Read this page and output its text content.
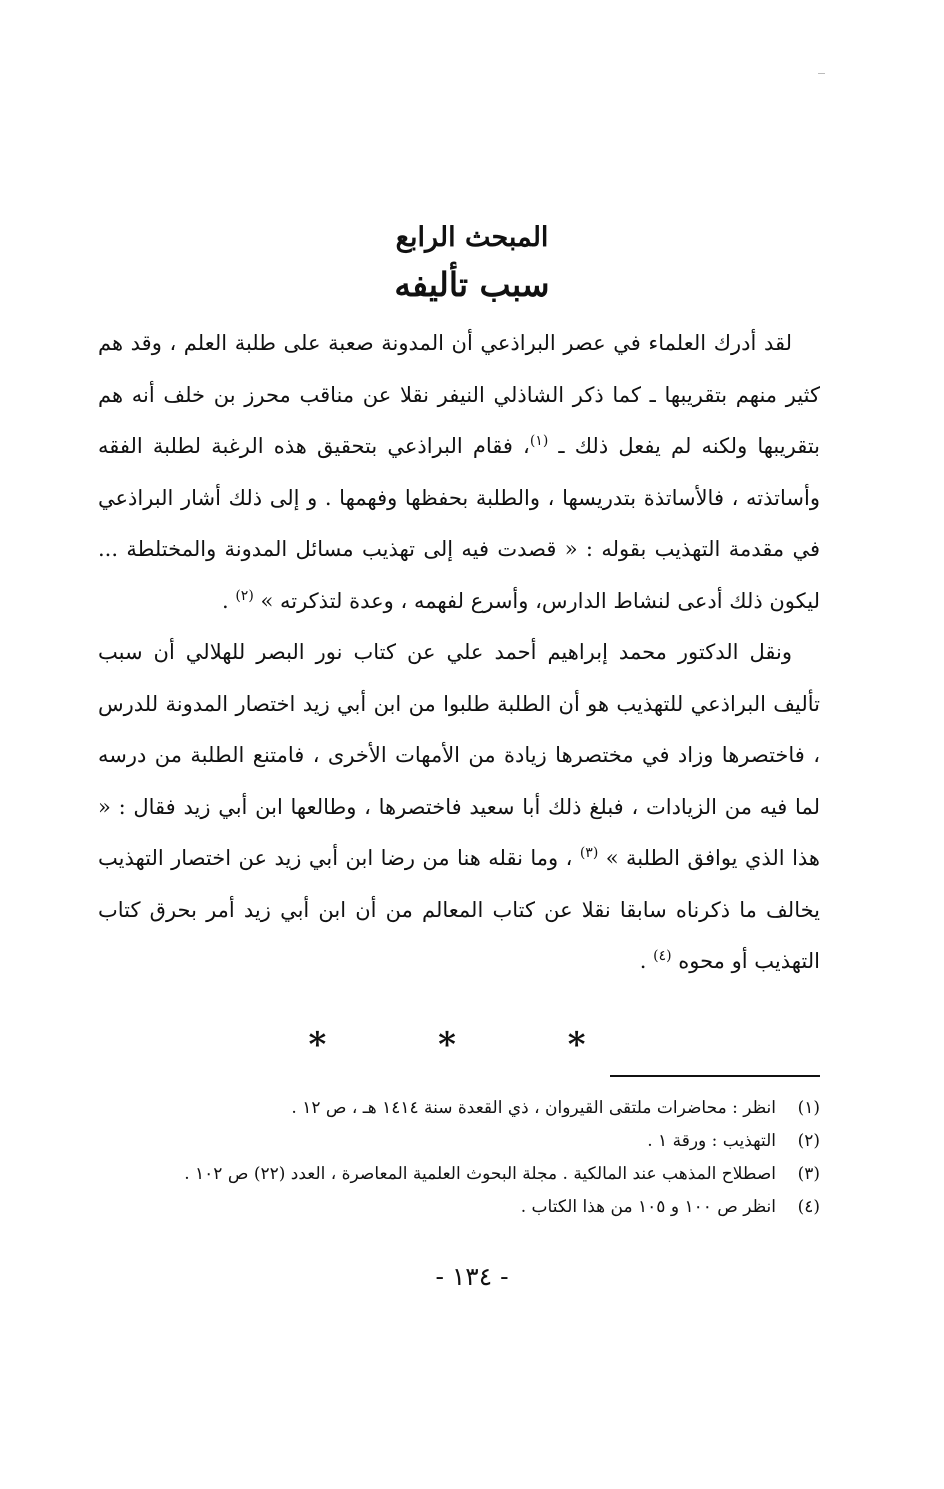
المبحث الرابع
سبب تأليفه

لقد أدرك العلماء في عصر البراذعي أن المدونة صعبة على طلبة العلم ، وقد هم كثير منهم بتقريبها ـ كما ذكر الشاذلي النيفر نقلا عن مناقب محرز بن خلف أنه هم بتقريبها ولكنه لم يفعل ذلك ـ $^{(١)}$، فقام البراذعي بتحقيق هذه الرغبة لطلبة الفقه وأساتذته ، فالأساتذة بتدريسها ، والطلبة بحفظها وفهمها . و إلى ذلك أشار البراذعي في مقدمة التهذيب بقوله : « قصدت فيه إلى تهذيب مسائل المدونة والمختلطة ... ليكون ذلك أدعى لنشاط الدارس، وأسرع لفهمه ، وعدة لتذكرته » $^{(٢)}$ .

ونقل الدكتور محمد إبراهيم أحمد علي عن كتاب نور البصر للهلالي أن سبب تأليف البراذعي للتهذيب هو أن الطلبة طلبوا من ابن أبي زيد اختصار المدونة للدرس ، فاختصرها وزاد في مختصرها زيادة من الأمهات الأخرى ، فامتنع الطلبة من درسه لما فيه من الزيادات ، فبلغ ذلك أبا سعيد فاختصرها ، وطالعها ابن أبي زيد فقال : « هذا الذي يوافق الطلبة » $^{(٣)}$ ، وما نقله هنا من رضا ابن أبي زيد عن اختصار التهذيب يخالف ما ذكرناه سابقا نقلا عن كتاب المعالم من أن ابن أبي زيد أمر بحرق كتاب التهذيب أو محوه $^{(٤)}$ .

* * *
(١)
انظر : محاضرات ملتقى القيروان ، ذي القعدة سنة ١٤١٤ هـ ، ص ١٢ .
(٢)
التهذيب : ورقة ١ .
(٣)
اصطلاح المذهب عند المالكية . مجلة البحوث العلمية المعاصرة ، العدد (٢٢) ص ١٠٢ .
(٤)
انظر ص ١٠٠ و ١٠٥ من هذا الكتاب .
- ١٣٤ -
